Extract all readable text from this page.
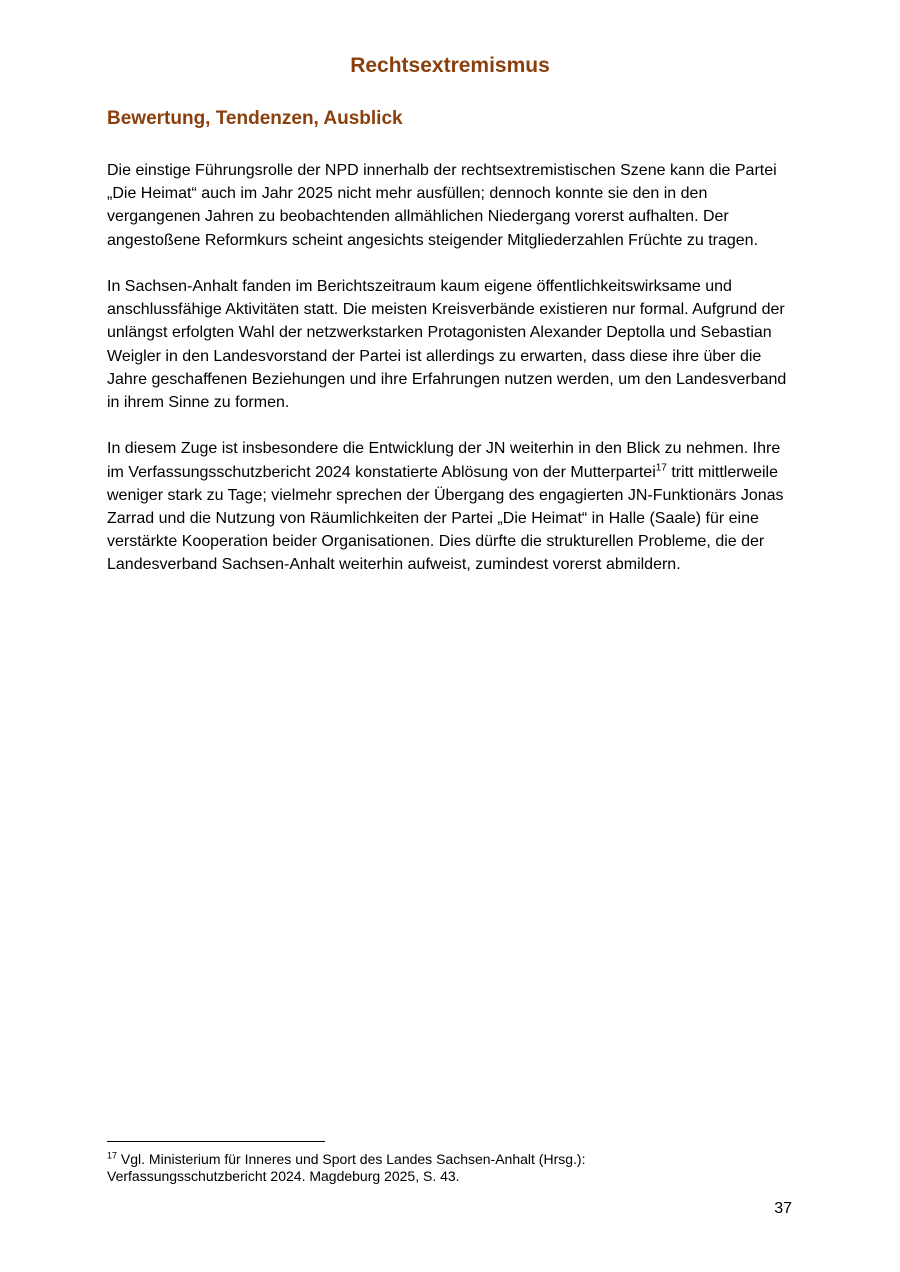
Rechtsextremismus
Bewertung, Tendenzen, Ausblick

Die einstige Führungsrolle der NPD innerhalb der rechtsextremistischen Szene kann die Partei „Die Heimat“ auch im Jahr 2025 nicht mehr ausfüllen; dennoch konnte sie den in den vergangenen Jahren zu beobachtenden allmählichen Niedergang vorerst aufhalten. Der angestoßene Reformkurs scheint angesichts steigender Mitgliederzahlen Früchte zu tragen.

In Sachsen-Anhalt fanden im Berichtszeitraum kaum eigene öffentlichkeitswirksame und anschlussfähige Aktivitäten statt. Die meisten Kreisverbände existieren nur formal. Aufgrund der unlängst erfolgten Wahl der netzwerkstarken Protagonisten Alexander Deptolla und Sebastian Weigler in den Landesvorstand der Partei ist allerdings zu erwarten, dass diese ihre über die Jahre geschaffenen Beziehungen und ihre Erfahrungen nutzen werden, um den Landesverband in ihrem Sinne zu formen.

In diesem Zuge ist insbesondere die Entwicklung der JN weiterhin in den Blick zu nehmen. Ihre im Verfassungsschutzbericht 2024 konstatierte Ablösung von der Mutterpartei$^{17}$ tritt mittlerweile weniger stark zu Tage; vielmehr sprechen der Übergang des engagierten JN-Funktionärs Jonas Zarrad und die Nutzung von Räumlichkeiten der Partei „Die Heimat“ in Halle (Saale) für eine verstärkte Kooperation beider Organisationen. Dies dürfte die strukturellen Probleme, die der Landesverband Sachsen-Anhalt weiterhin aufweist, zumindest vorerst abmildern.

$^{17}$ Vgl. Ministerium für Inneres und Sport des Landes Sachsen-Anhalt (Hrsg.): Verfassungsschutzbericht 2024. Magdeburg 2025, S. 43.
37
